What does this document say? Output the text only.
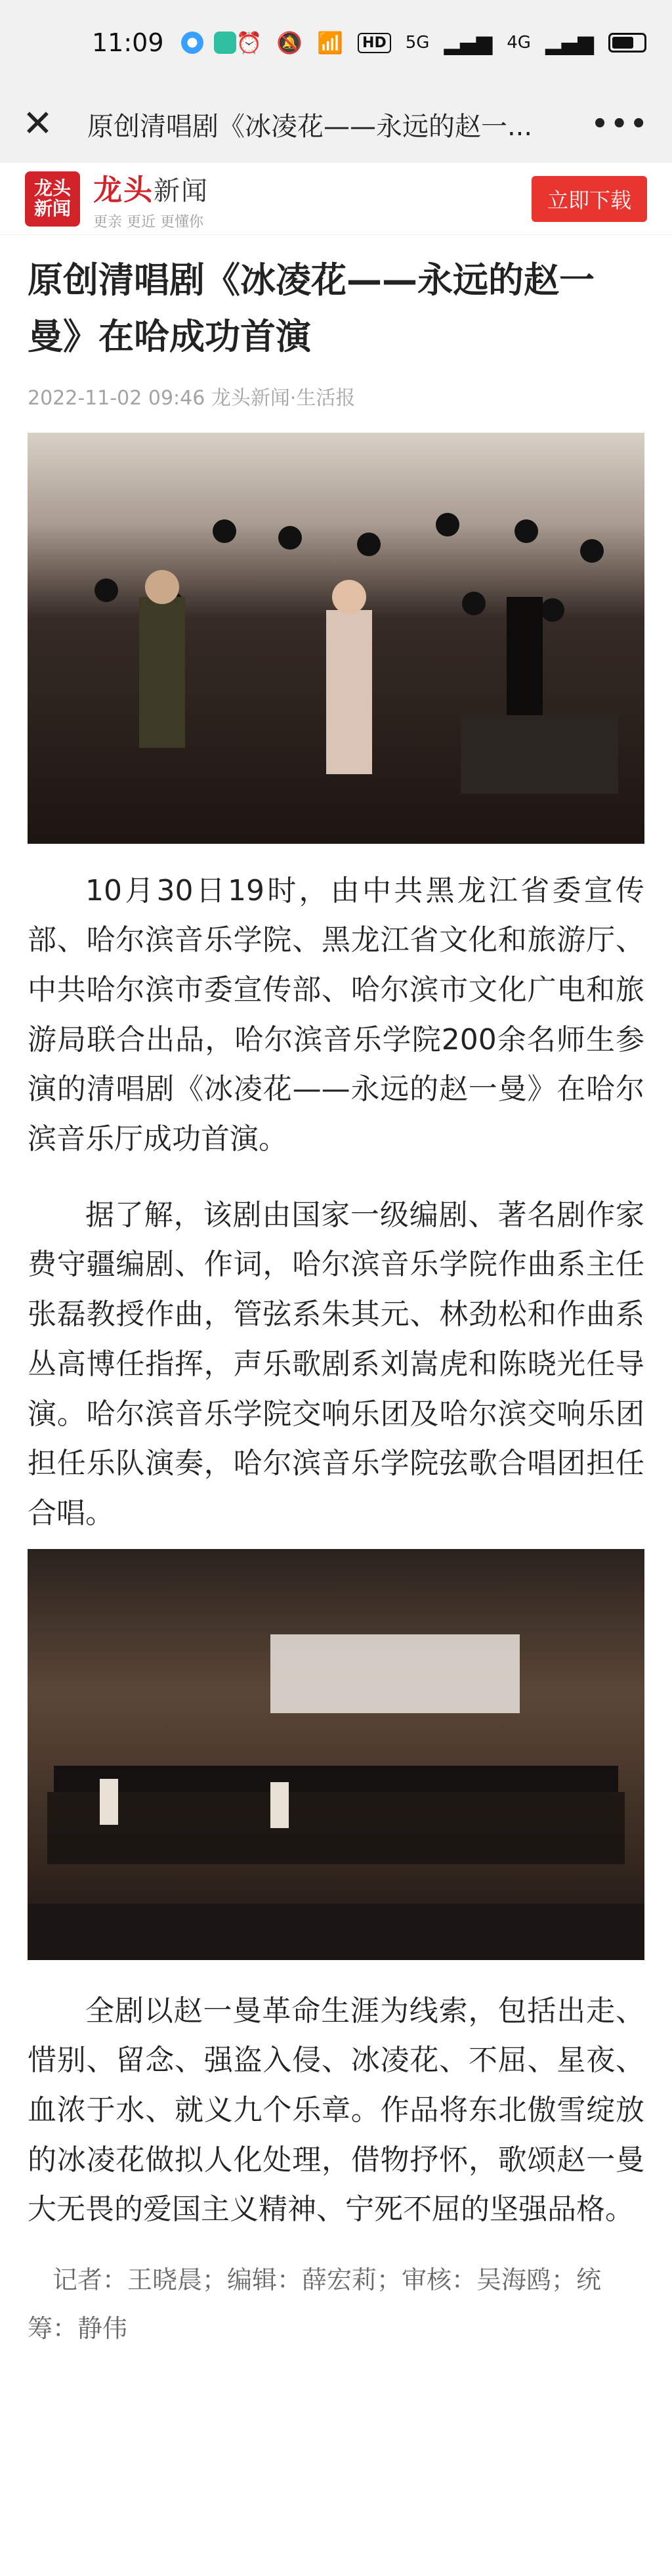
11:09	⏰ 🔕 📶	HD 5G ▂▄▆ 4G ▂▄▆
✕	原创清唱剧《冰凌花——永远的赵一...	•••
龙头
新闻
龙头新闻
更亲 更近 更懂你
立即下载
原创清唱剧《冰凌花——永远的赵一曼》在哈成功首演
2022-11-02 09:46 龙头新闻·生活报

10月30日19时，由中共黑龙江省委宣传部、哈尔滨音乐学院、黑龙江省文化和旅游厅、中共哈尔滨市委宣传部、哈尔滨市文化广电和旅游局联合出品，哈尔滨音乐学院200余名师生参演的清唱剧《冰凌花——永远的赵一曼》在哈尔滨音乐厅成功首演。

据了解，该剧由国家一级编剧、著名剧作家费守疆编剧、作词，哈尔滨音乐学院作曲系主任张磊教授作曲，管弦系朱其元、林劲松和作曲系丛高博任指挥，声乐歌剧系刘嵩虎和陈晓光任导演。哈尔滨音乐学院交响乐团及哈尔滨交响乐团担任乐队演奏，哈尔滨音乐学院弦歌合唱团担任合唱。

全剧以赵一曼革命生涯为线索，包括出走、惜别、留念、强盗入侵、冰凌花、不屈、星夜、血浓于水、就义九个乐章。作品将东北傲雪绽放的冰凌花做拟人化处理，借物抒怀，歌颂赵一曼大无畏的爱国主义精神、宁死不屈的坚强品格。

记者：王晓晨；编辑：薛宏莉；审核：吴海鸥；统筹：静伟
